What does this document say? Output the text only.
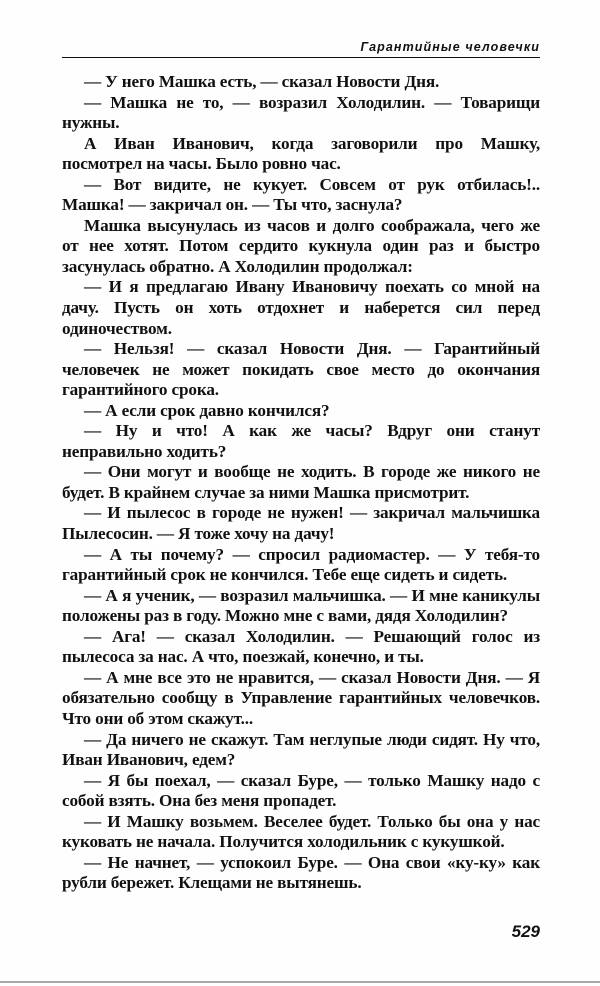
Гарантийные человечки

— У него Машка есть, — сказал Новости Дня.

— Машка не то, — возразил Холодилин. — Товарищи нужны.

А Иван Иванович, когда заговорили про Машку, посмотрел на часы. Было ровно час.

— Вот видите, не кукует. Совсем от рук отбилась!.. Машка! — закричал он. — Ты что, заснула?

Машка высунулась из часов и долго соображала, чего же от нее хотят. Потом сердито кукнула один раз и быстро засунулась обратно. А Холодилин продолжал:

— И я предлагаю Ивану Ивановичу поехать со мной на дачу. Пусть он хоть отдохнет и наберется сил перед одиночеством.

— Нельзя! — сказал Новости Дня. — Гарантийный человечек не может покидать свое место до окончания гарантийного срока.

— А если срок давно кончился?

— Ну и что! А как же часы? Вдруг они станут неправильно ходить?

— Они могут и вообще не ходить. В городе же никого не будет. В крайнем случае за ними Машка присмотрит.

— И пылесос в городе не нужен! — закричал мальчишка Пылесосин. — Я тоже хочу на дачу!

— А ты почему? — спросил радиомастер. — У тебя-то гарантийный срок не кончился. Тебе еще сидеть и сидеть.

— А я ученик, — возразил мальчишка. — И мне каникулы положены раз в году. Можно мне с вами, дядя Холодилин?

— Ага! — сказал Холодилин. — Решающий голос из пылесоса за нас. А что, поезжай, конечно, и ты.

— А мне все это не нравится, — сказал Новости Дня. — Я обязательно сообщу в Управление гарантийных человечков. Что они об этом скажут...

— Да ничего не скажут. Там неглупые люди сидят. Ну что, Иван Иванович, едем?

— Я бы поехал, — сказал Буре, — только Машку надо с собой взять. Она без меня пропадет.

— И Машку возьмем. Веселее будет. Только бы она у нас куковать не начала. Получится холодильник с кукушкой.

— Не начнет, — успокоил Буре. — Она свои «ку-ку» как рубли бережет. Клещами не вытянешь.

529
